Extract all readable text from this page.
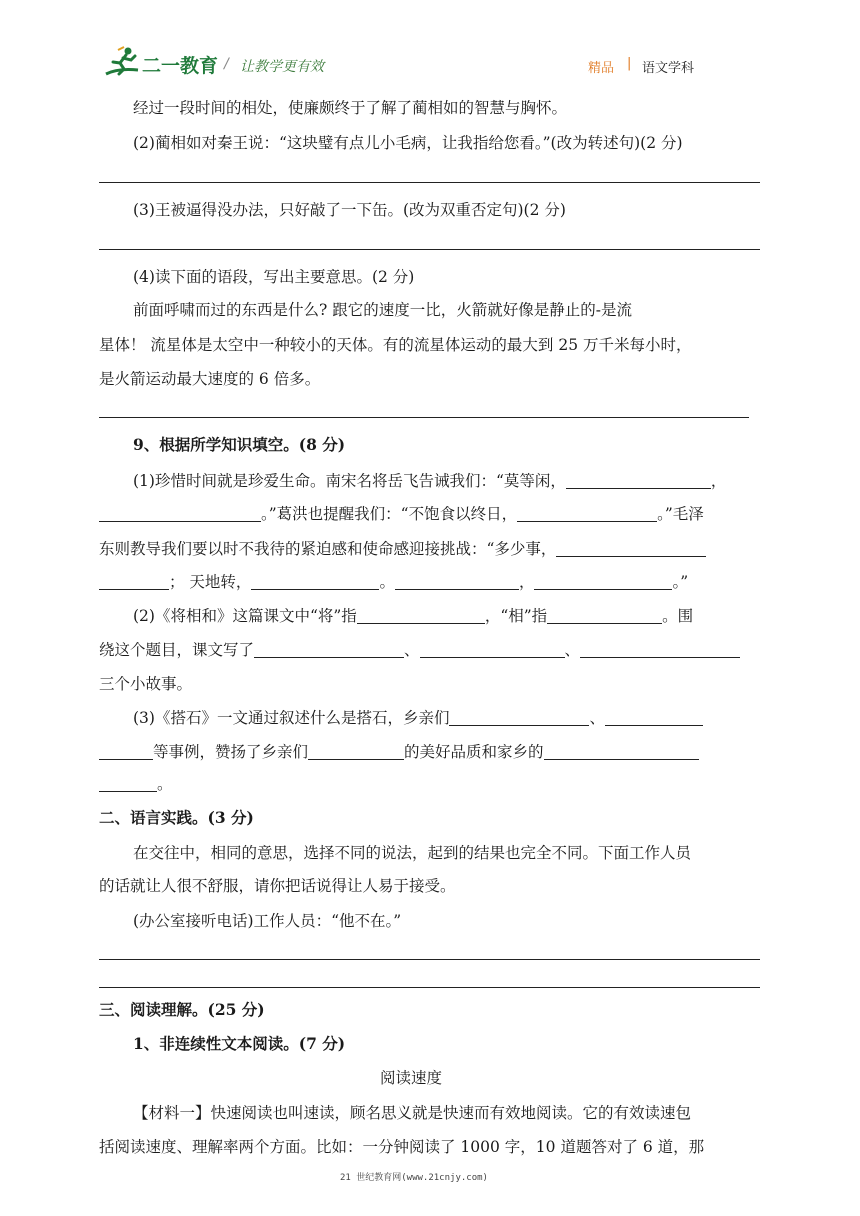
二一教育 / 让教学更有效	精品 | 语文学科
经过一段时间的相处，使廉颇终于了解了蔺相如的智慧与胸怀。
(2)蔺相如对秦王说：“这块璧有点儿小毛病，让我指给您看。”(改为转述句)(2 分)
(3)王被逼得没办法，只好敲了一下缶。(改为双重否定句)(2 分)
(4)读下面的语段，写出主要意思。(2 分)
前面呼啸而过的东西是什么? 跟它的速度一比，火箭就好像是静止的-是流
星体！ 流星体是太空中一种较小的天体。有的流星体运动的最大到 25 万千米每小时，
是火箭运动最大速度的 6 倍多。
9、根据所学知识填空。(8 分)
(1)珍惜时间就是珍爱生命。南宋名将岳飞告诫我们：“莫等闲，	，
。”葛洪也提醒我们：“不饱食以终日，	。”毛泽
东则教导我们要以时不我待的紧迫感和使命感迎接挑战：“多少事，
； 天地转，	。	，	。”
(2)《将相和》这篇课文中“将”指	，“相”指	。围
绕这个题目，课文写了	、	、
三个小故事。
(3)《搭石》一文通过叙述什么是搭石，乡亲们	、
等事例，赞扬了乡亲们	的美好品质和家乡的
。
二、语言实践。(3 分)
在交往中，相同的意思，选择不同的说法，起到的结果也完全不同。下面工作人员
的话就让人很不舒服，请你把话说得让人易于接受。
(办公室接听电话)工作人员：“他不在。”
三、阅读理解。(25 分)
1、非连续性文本阅读。(7 分)
阅读速度
【材料一】快速阅读也叫速读，顾名思义就是快速而有效地阅读。它的有效读速包
括阅读速度、理解率两个方面。比如：一分钟阅读了 1000 字，10 道题答对了 6 道，那
21 世纪教育网(www.21cnjy.com)
